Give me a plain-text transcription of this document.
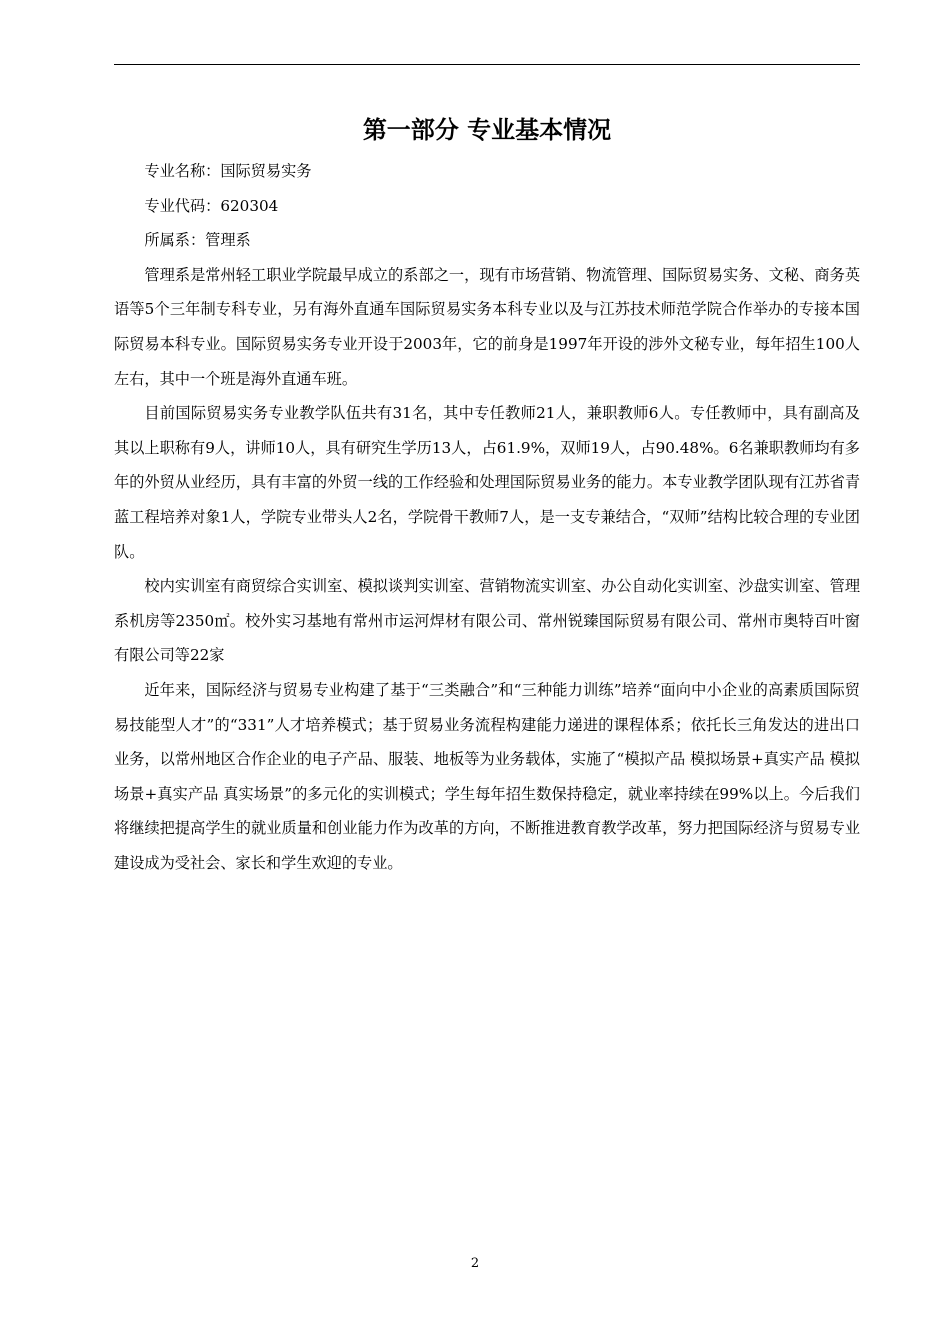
第一部分 专业基本情况

专业名称：国际贸易实务

专业代码：620304

所属系：管理系

管理系是常州轻工职业学院最早成立的系部之一，现有市场营销、物流管理、国际贸易实务、文秘、商务英语等5个三年制专科专业，另有海外直通车国际贸易实务本科专业以及与江苏技术师范学院合作举办的专接本国际贸易本科专业。国际贸易实务专业开设于2003年，它的前身是1997年开设的涉外文秘专业，每年招生100人左右，其中一个班是海外直通车班。

目前国际贸易实务专业教学队伍共有31名，其中专任教师21人，兼职教师6人。专任教师中，具有副高及其以上职称有9人，讲师10人，具有研究生学历13人，占61.9%，双师19人，占90.48%。6名兼职教师均有多年的外贸从业经历，具有丰富的外贸一线的工作经验和处理国际贸易业务的能力。本专业教学团队现有江苏省青蓝工程培养对象1人，学院专业带头人2名，学院骨干教师7人，是一支专兼结合，“双师”结构比较合理的专业团队。

校内实训室有商贸综合实训室、模拟谈判实训室、营销物流实训室、办公自动化实训室、沙盘实训室、管理系机房等2350㎡。校外实习基地有常州市运河焊材有限公司、常州锐臻国际贸易有限公司、常州市奥特百叶窗有限公司等22家

近年来，国际经济与贸易专业构建了基于“三类融合”和“三种能力训练”培养“面向中小企业的高素质国际贸易技能型人才”的“331”人才培养模式；基于贸易业务流程构建能力递进的课程体系；依托长三角发达的进出口业务，以常州地区合作企业的电子产品、服装、地板等为业务载体，实施了“模拟产品 模拟场景+真实产品 模拟场景+真实产品 真实场景”的多元化的实训模式；学生每年招生数保持稳定，就业率持续在99%以上。今后我们将继续把提高学生的就业质量和创业能力作为改革的方向，不断推进教育教学改革，努力把国际经济与贸易专业建设成为受社会、家长和学生欢迎的专业。

2
